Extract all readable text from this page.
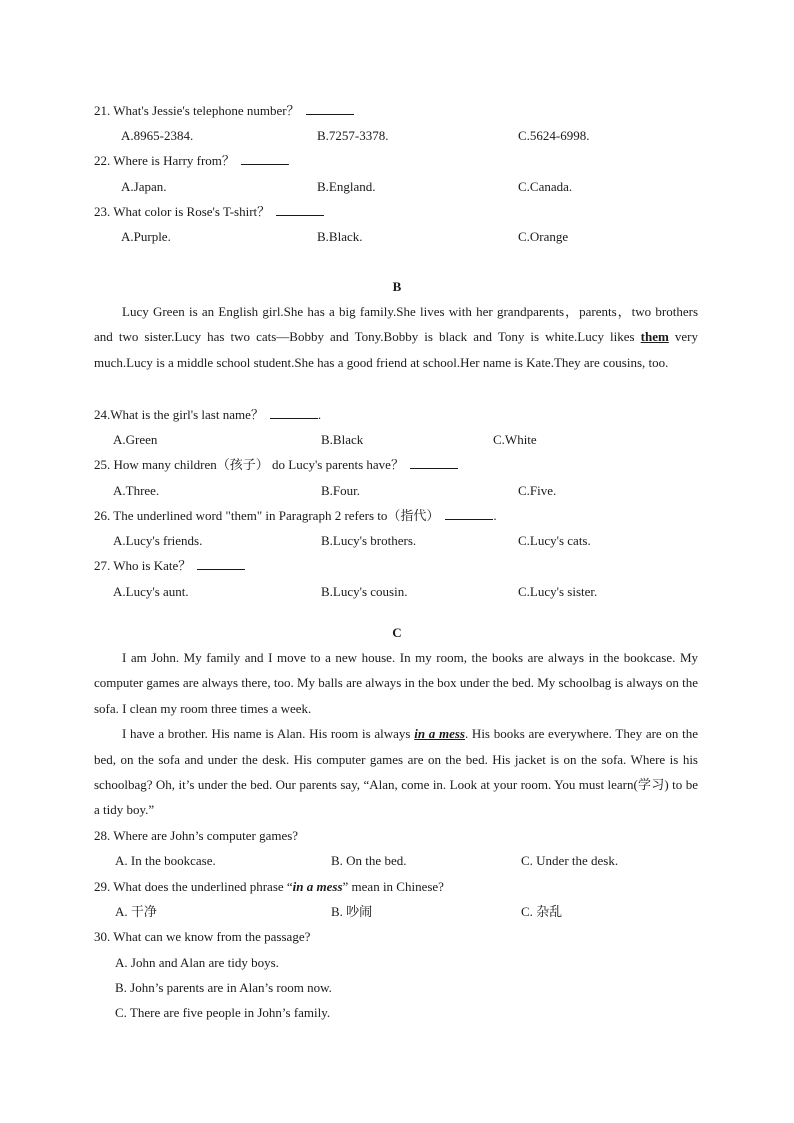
21. What's Jessie's telephone number？
A.8965-2384.	B.7257-3378.	C.5624-6998.
22. Where is Harry from？
A.Japan.	B.England.	C.Canada.
23. What color is Rose's T-shirt？
A.Purple.	B.Black.	C.Orange
B

Lucy Green is an English girl.She has a big family.She lives with her grandparents，parents，two brothers and two sister.Lucy has two cats—Bobby and Tony.Bobby is black and Tony is white.Lucy likes them very much.Lucy is a middle school student.She has a good friend at school.Her name is Kate.They are cousins, too.

24.What is the girl's last name？	.
A.Green	B.Black	C.White
25. How many children（孩子） do Lucy's parents have？
A.Three.	B.Four.	C.Five.
26. The underlined word "them" in Paragraph 2 refers to（指代）	.
A.Lucy's friends.	B.Lucy's brothers.	C.Lucy's cats.
27. Who is Kate？
A.Lucy's aunt.	B.Lucy's cousin.	C.Lucy's sister.
C

I am John. My family and I move to a new house. In my room, the books are always in the bookcase. My computer games are always there, too. My balls are always in the box under the bed. My schoolbag is always on the sofa. I clean my room three times a week.

I have a brother. His name is Alan. His room is always in a mess. His books are everywhere. They are on the bed, on the sofa and under the desk. His computer games are on the bed. His jacket is on the sofa. Where is his schoolbag? Oh, it’s under the bed. Our parents say, “Alan, come in. Look at your room. You must learn(学习) to be a tidy boy.”

28. Where are John’s computer games?
A. In the bookcase.	B. On the bed.	C. Under the desk.
29. What does the underlined phrase “in a mess” mean in Chinese?
A. 干净	B. 吵闹	C. 杂乱
30. What can we know from the passage?
A. John and Alan are tidy boys.
B. John’s parents are in Alan’s room now.
C. There are five people in John’s family.
